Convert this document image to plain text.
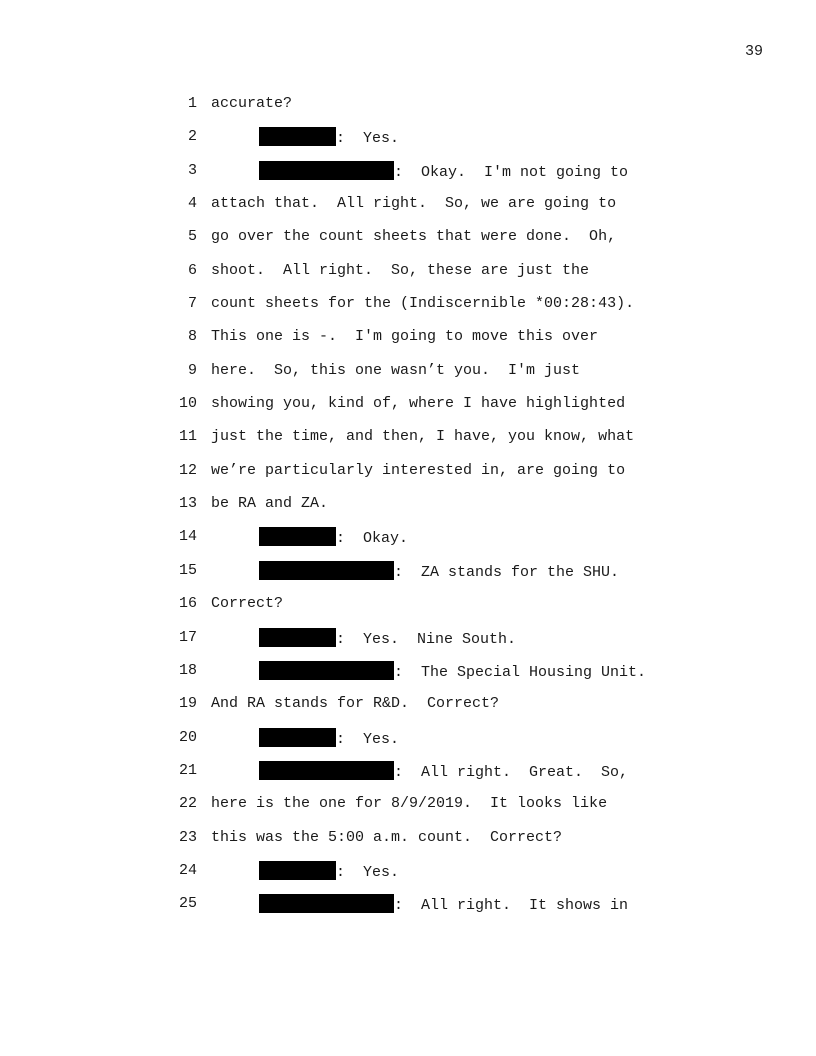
39
1 accurate?
2	:  Yes.
3	:  Okay.  I'm not going to
4 attach that.  All right.  So, we are going to
5 go over the count sheets that were done.  Oh,
6 shoot.  All right.  So, these are just the
7 count sheets for the (Indiscernible *00:28:43).
8 This one is -.  I'm going to move this over
9 here.  So, this one wasn’t you.  I'm just
10 showing you, kind of, where I have highlighted
11 just the time, and then, I have, you know, what
12 we’re particularly interested in, are going to
13 be RA and ZA.
14	:  Okay.
15	:  ZA stands for the SHU.
16 Correct?
17	:  Yes.  Nine South.
18	:  The Special Housing Unit.
19 And RA stands for R&D.  Correct?
20	:  Yes.
21	:  All right.  Great.  So,
22 here is the one for 8/9/2019.  It looks like
23 this was the 5:00 a.m. count.  Correct?
24	:  Yes.
25	:  All right.  It shows in
